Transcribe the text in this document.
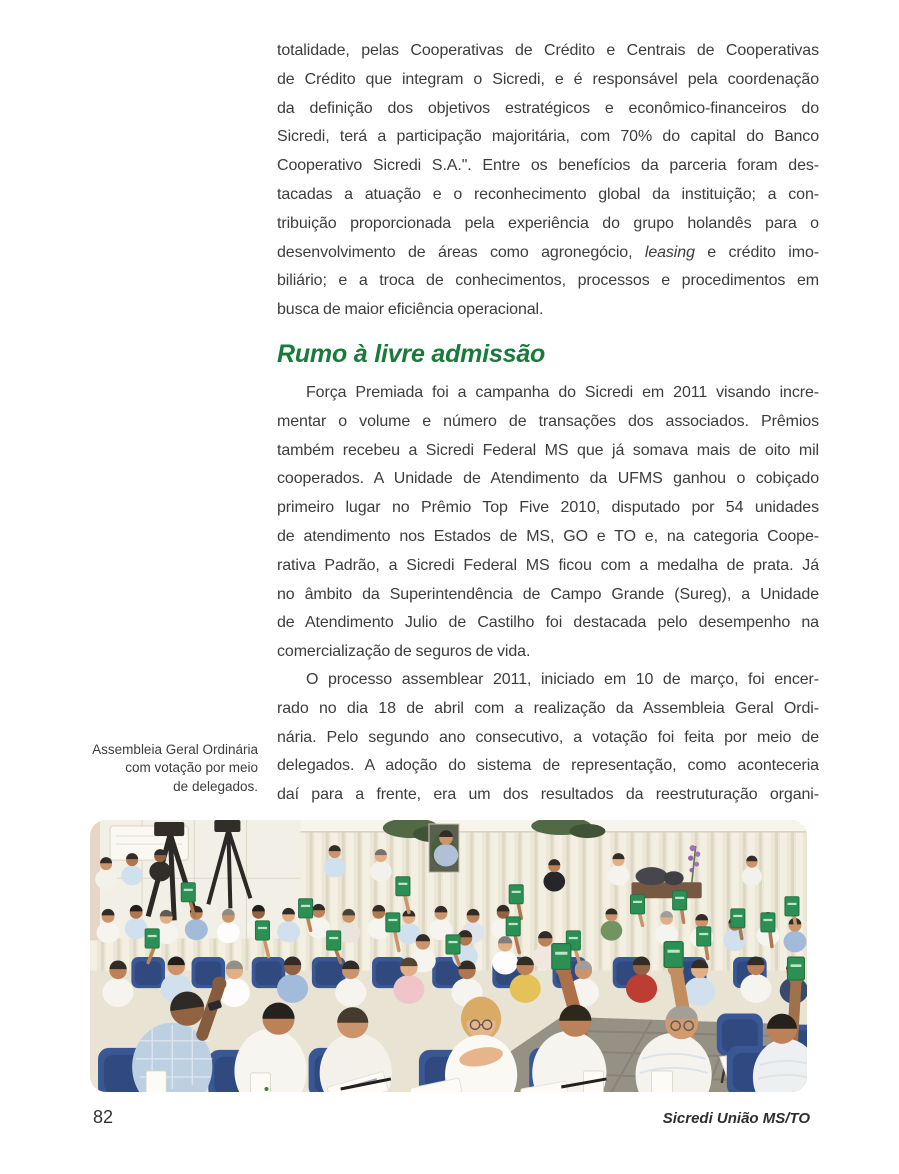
totalidade, pelas Cooperativas de Crédito e Centrais de Cooperativas
de Crédito que integram o Sicredi, e é responsável pela coordenação
da definição dos objetivos estratégicos e econômico-financeiros do
Sicredi, terá a participação majoritária, com 70% do capital do Banco
Cooperativo Sicredi S.A.". Entre os benefícios da parceria foram des-
tacadas a atuação e o reconhecimento global da instituição; a con-
tribuição proporcionada pela experiência do grupo holandês para o
desenvolvimento de áreas como agronegócio, leasing e crédito imo-
biliário; e a troca de conhecimentos, processos e procedimentos em
busca de maior eficiência operacional.
Rumo à livre admissão
Força Premiada foi a campanha do Sicredi em 2011 visando incre-
mentar o volume e número de transações dos associados. Prêmios
também recebeu a Sicredi Federal MS que já somava mais de oito mil
cooperados. A Unidade de Atendimento da UFMS ganhou o cobiçado
primeiro lugar no Prêmio Top Five 2010, disputado por 54 unidades
de atendimento nos Estados de MS, GO e TO e, na categoria Coope-
rativa Padrão, a Sicredi Federal MS ficou com a medalha de prata. Já
no âmbito da Superintendência de Campo Grande (Sureg), a Unidade
de Atendimento Julio de Castilho foi destacada pelo desempenho na
comercialização de seguros de vida.
O processo assemblear 2011, iniciado em 10 de março, foi encer-
rado no dia 18 de abril com a realização da Assembleia Geral Ordi-
nária. Pelo segundo ano consecutivo, a votação foi feita por meio de
delegados. A adoção do sistema de representação, como aconteceria
daí para a frente, era um dos resultados da reestruturação organi-
Assembleia Geral Ordinária
com votação por meio
de delegados.
82	Sicredi União MS/TO
